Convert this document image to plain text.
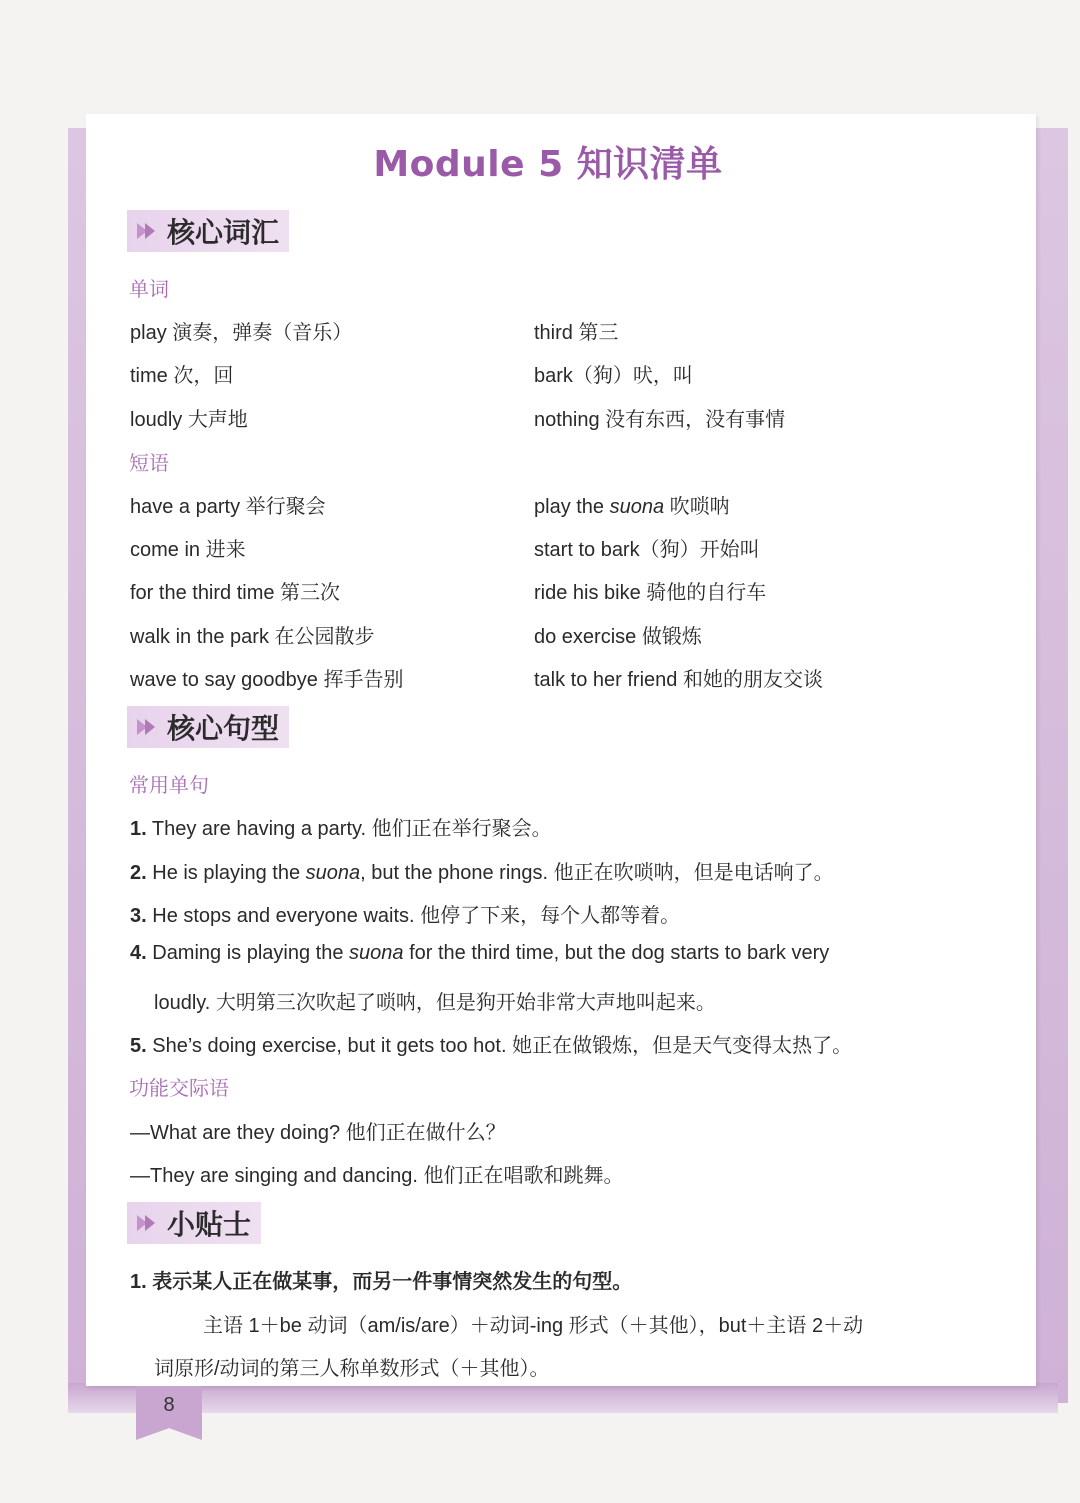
Module 5 知识清单
核心词汇
单词
play 演奏，弹奏（音乐）	third 第三
time 次，回	bark（狗）吠，叫
loudly 大声地	nothing 没有东西，没有事情
短语
have a party 举行聚会	play the suona 吹唢呐
come in 进来	start to bark（狗）开始叫
for the third time 第三次	ride his bike 骑他的自行车
walk in the park 在公园散步	do exercise 做锻炼
wave to say goodbye 挥手告别	talk to her friend 和她的朋友交谈
核心句型
常用单句
1. They are having a party. 他们正在举行聚会。
2. He is playing the suona, but the phone rings. 他正在吹唢呐，但是电话响了。
3. He stops and everyone waits. 他停了下来，每个人都等着。
4. Daming is playing the suona for the third time, but the dog starts to bark very
loudly. 大明第三次吹起了唢呐，但是狗开始非常大声地叫起来。
5. She’s doing exercise, but it gets too hot. 她正在做锻炼，但是天气变得太热了。
功能交际语
—What are they doing? 他们正在做什么？
—They are singing and dancing. 他们正在唱歌和跳舞。
小贴士
1. 表示某人正在做某事，而另一件事情突然发生的句型。
主语 1＋be 动词（am/is/are）＋动词-ing 形式（＋其他），but＋主语 2＋动
词原形/动词的第三人称单数形式（＋其他）。
8
